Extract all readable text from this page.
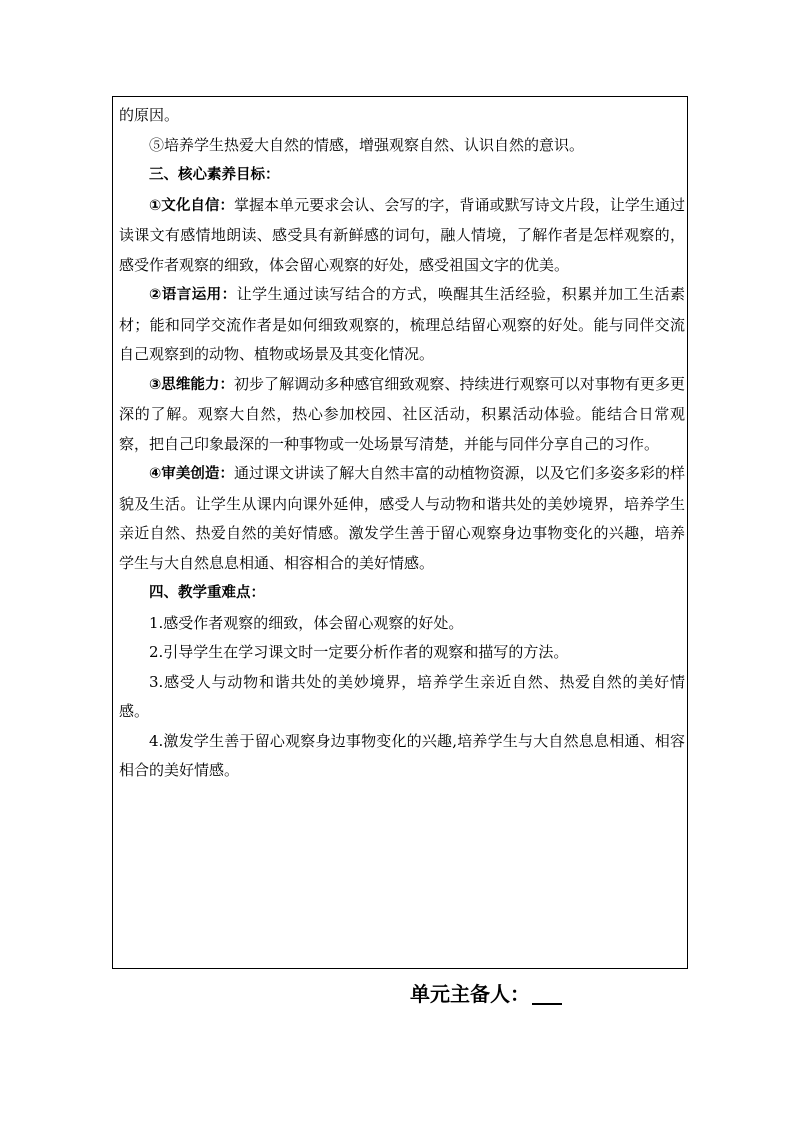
的原因。

⑤培养学生热爱大自然的情感，增强观察自然、认识自然的意识。

三、核心素养目标：

①文化自信：掌握本单元要求会认、会写的字，背诵或默写诗文片段，让学生通过读课文有感情地朗读、感受具有新鲜感的词句，融人情境，了解作者是怎样观察的，感受作者观察的细致，体会留心观察的好处，感受祖国文字的优美。

②语言运用：让学生通过读写结合的方式，唤醒其生活经验，积累并加工生活素材；能和同学交流作者是如何细致观察的，梳理总结留心观察的好处。能与同伴交流自己观察到的动物、植物或场景及其变化情况。

③思维能力：初步了解调动多种感官细致观察、持续进行观察可以对事物有更多更深的了解。观察大自然，热心参加校园、社区活动，积累活动体验。能结合日常观察，把自己印象最深的一种事物或一处场景写清楚，并能与同伴分享自己的习作。

④审美创造：通过课文讲读了解大自然丰富的动植物资源，以及它们多姿多彩的样貌及生活。让学生从课内向课外延伸，感受人与动物和谐共处的美妙境界，培养学生亲近自然、热爱自然的美好情感。激发学生善于留心观察身边事物变化的兴趣，培养学生与大自然息息相通、相容相合的美好情感。

四、教学重难点：

1.感受作者观察的细致，体会留心观察的好处。

2.引导学生在学习课文时一定要分析作者的观察和描写的方法。

3.感受人与动物和谐共处的美妙境界，培养学生亲近自然、热爱自然的美好情感。

4.激发学生善于留心观察身边事物变化的兴趣,培养学生与大自然息息相通、相容相合的美好情感。

单元主备人：
